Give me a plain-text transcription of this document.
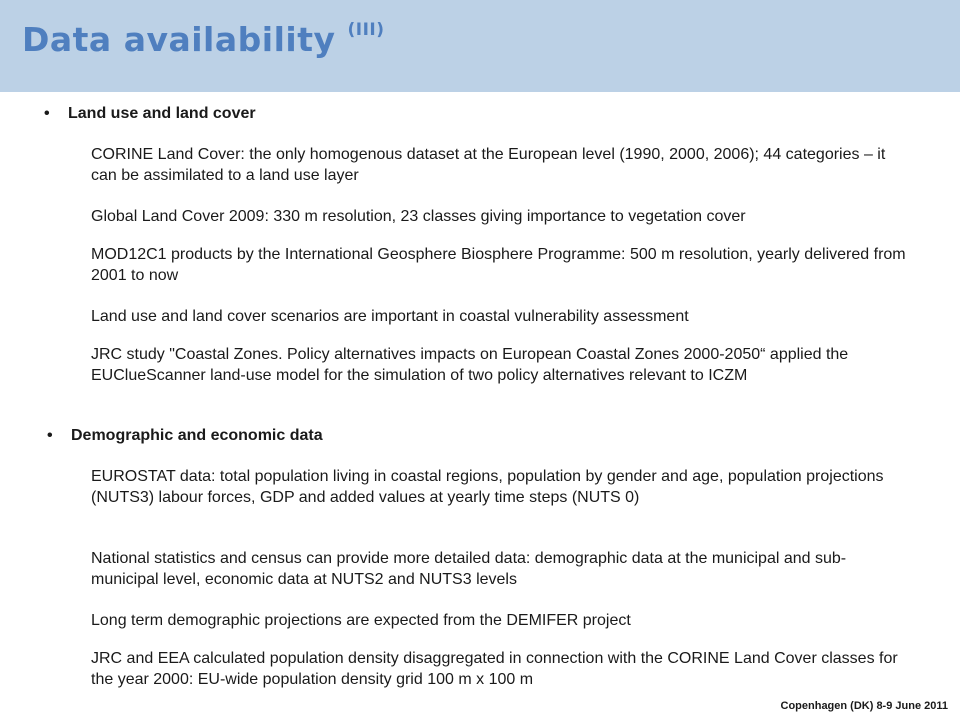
Data availability $^{(III)}$
• Land use and land cover

CORINE Land Cover: the only homogenous dataset at the European level (1990, 2000, 2006); 44 categories – it can be assimilated to a land use layer

Global Land Cover 2009: 330 m resolution, 23 classes giving importance to vegetation cover

MOD12C1 products by the International Geosphere Biosphere Programme: 500 m resolution, yearly delivered from 2001 to now

Land use and land cover scenarios are important in coastal vulnerability assessment

JRC study "Coastal Zones. Policy alternatives impacts on European Coastal Zones 2000-2050“ applied the EUClueScanner land-use model for the simulation of two policy alternatives relevant to ICZM

• Demographic and economic data

EUROSTAT data: total population living in coastal regions, population by gender and age, population projections (NUTS3) labour forces, GDP and added values at yearly time steps (NUTS 0)

National statistics and census can provide more detailed data: demographic data at the municipal and sub-municipal level, economic data at NUTS2 and NUTS3 levels

Long term demographic projections are expected from the DEMIFER project

JRC and EEA calculated population density disaggregated in connection with the CORINE Land Cover classes for the year 2000: EU-wide population density grid 100 m x 100 m

Copenhagen (DK) 8-9 June 2011
